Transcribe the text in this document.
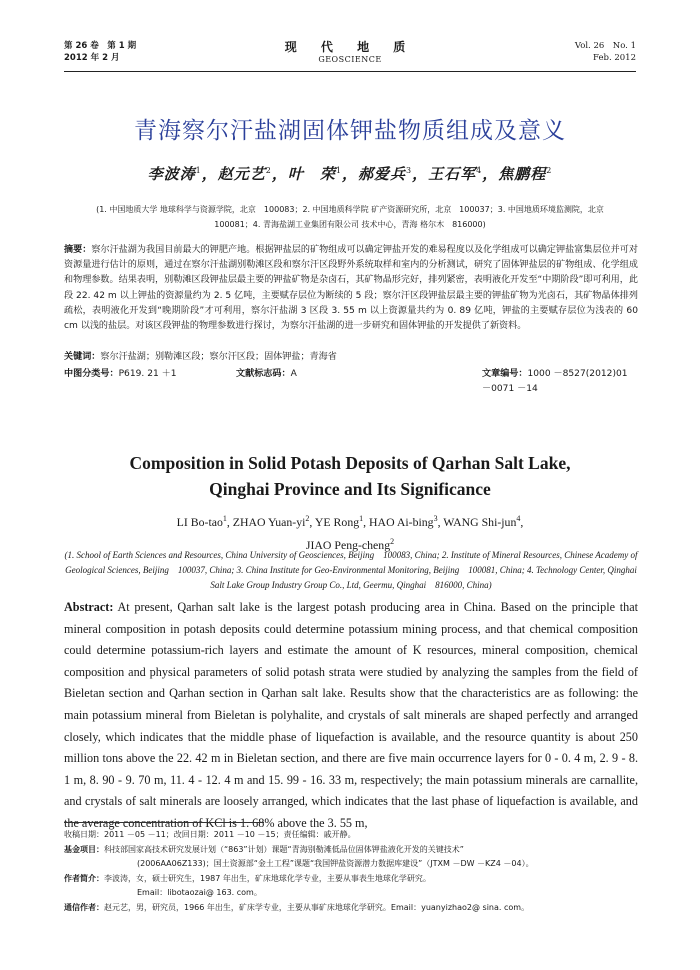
第 26 卷　第 1 期
2012 年 2 月
现 代 地 质
GEOSCIENCE
Vol. 26　No. 1
Feb. 2012
青海察尔汗盐湖固体钾盐物质组成及意义
李波涛$^1$，赵元艺$^2$，叶　荣$^1$，郝爱兵$^3$，王石军$^4$，焦鹏程$^2$
(1. 中国地质大学 地球科学与资源学院，北京　100083；2. 中国地质科学院 矿产资源研究所，北京　100037；3. 中国地质环境监测院，北京　100081；4. 青海盐湖工业集团有限公司 技术中心，青海 格尔木　816000)
摘要：察尔汗盐湖为我国目前最大的钾肥产地。根据钾盐层的矿物组成可以确定钾盐开发的难易程度以及化学组成可以确定钾盐富集层位并可对资源量进行估计的原则，通过在察尔汗盐湖别勒滩区段和察尔汗区段野外系统取样和室内的分析测试，研究了固体钾盐层的矿物组成、化学组成和物理参数。结果表明，别勒滩区段钾盐层最主要的钾盐矿物是杂卤石，其矿物晶形完好，排列紧密，表明液化开发至“中期阶段”即可利用，此段 22. 42 m 以上钾盐的资源量约为 2. 5 亿吨，主要赋存层位为断续的 5 段；察尔汗区段钾盐层最主要的钾盐矿物为光卤石，其矿物晶体排列疏松，表明液化开发到“晚期阶段”才可利用，察尔汗盐湖 3 区段 3. 55 m 以上资源量共约为 0. 89 亿吨，钾盐的主要赋存层位为浅表的 60 cm 以浅的盐层。对该区段钾盐的物理参数进行探讨，为察尔汗盐湖的进一步研究和固体钾盐的开发提供了新资料。
关键词：察尔汗盐湖；别勒滩区段；察尔汗区段；固体钾盐；青海省
中图分类号：P619. 21 ＋1	文献标志码：A	文章编号：1000 －8527(2012)01 －0071 －14
Composition in Solid Potash Deposits of Qarhan Salt Lake,
Qinghai Province and Its Significance
LI Bo-tao$^1$, ZHAO Yuan-$yi^2$, YE Rong$^1$, HAO Ai-bing$^3$, WANG Shi-jun$^4$,
JIAO Peng-cheng$^2$
(1. School of Earth Sciences and Resources, China University of Geosciences, Beijing　100083, China; 2. Institute of Mineral Resources, Chinese Academy of Geological Sciences, Beijing　100037, China; 3. China Institute for Geo-Environmental Monitoring, Beijing　100081, China; 4. Technology Center, Qinghai Salt Lake Group Industry Group Co., Ltd, Geermu, Qinghai　816000, China)
Abstract: At present, Qarhan salt lake is the largest potash producing area in China. Based on the principle that mineral composition in potash deposits could determine potassium mining process, and that chemical composition could determine potassium-rich layers and estimate the amount of K resources, mineral composition, chemical composition and physical parameters of solid potash strata were studied by analyzing the samples from the field of Bieletan section and Qarhan section in Qarhan salt lake. Results show that the characteristics are as following: the main potassium mineral from Bieletan is polyhalite, and crystals of salt minerals are shaped perfectly and arranged closely, which indicates that the middle phase of liquefaction is available, and the resource quantity is about 250 million tons above the 22. 42 m in Bieletan section, and there are five main occurrence layers for 0 - 0. 4 m, 2. 9 - 8. 1 m, 8. 90 - 9. 70 m, 11. 4 - 12. 4 m and 15. 99 - 16. 33 m, respectively; the main potassium minerals are carnallite, and crystals of salt minerals are loosely arranged, which indicates that the last phase of liquefaction is available, and the average concentration of KCl is 1. 68% above the 3. 55 m,
收稿日期：2011 －05 －11；改回日期：2011 －10 －15；责任编辑：戚开静。
基金项目：科技部国家高技术研究发展计划（“863”计划）课题“青海别勒滩低品位固体钾盐液化开发的关键技术”
(2006AA06Z133)；国土资源部“金土工程”课题“我国钾盐资源潜力数据库建设”（JTXM －DW －KZ4 －04）。
作者简介：李波涛，女，硕士研究生，1987 年出生，矿床地球化学专业，主要从事表生地球化学研究。
Email：libotaozai@ 163. com。
通信作者：赵元艺，男，研究员，1966 年出生，矿床学专业，主要从事矿床地球化学研究。Email：yuanyizhao2@ sina. com。
